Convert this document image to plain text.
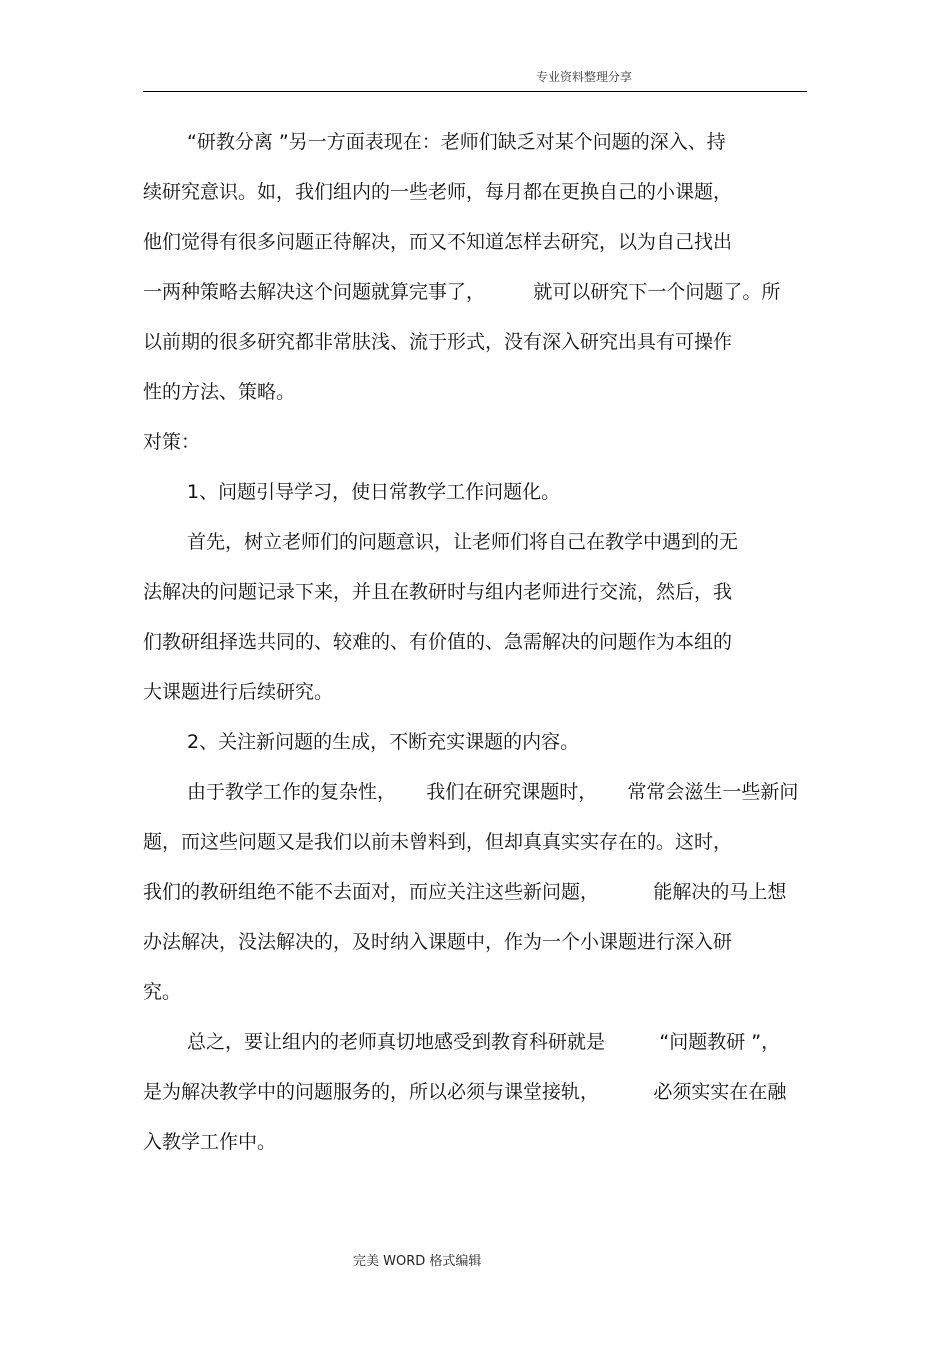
专业资料整理分享
“研教分离 ”另一方面表现在：老师们缺乏对某个问题的深入、持
续研究意识。如，我们组内的一些老师，每月都在更换自己的小课题，
他们觉得有很多问题正待解决，而又不知道怎样去研究，以为自己找出
一两种策略去解决这个问题就算完事了，        就可以研究下一个问题了。所
以前期的很多研究都非常肤浅、流于形式，没有深入研究出具有可操作
性的方法、策略。
对策：
1、问题引导学习，使日常教学工作问题化。
首先，树立老师们的问题意识，让老师们将自己在教学中遇到的无
法解决的问题记录下来，并且在教研时与组内老师进行交流，然后，我
们教研组择选共同的、较难的、有价值的、急需解决的问题作为本组的
大课题进行后续研究。
2、关注新问题的生成，不断充实课题的内容。
由于教学工作的复杂性，     我们在研究课题时，     常常会滋生一些新问
题，而这些问题又是我们以前未曾料到，但却真真实实存在的。这时，
我们的教研组绝不能不去面对，而应关注这些新问题，         能解决的马上想
办法解决，没法解决的，及时纳入课题中，作为一个小课题进行深入研
究。
总之，要让组内的老师真切地感受到教育科研就是         “问题教研 ”，
是为解决教学中的问题服务的，所以必须与课堂接轨，         必须实实在在融
入教学工作中。
完美 WORD 格式编辑
